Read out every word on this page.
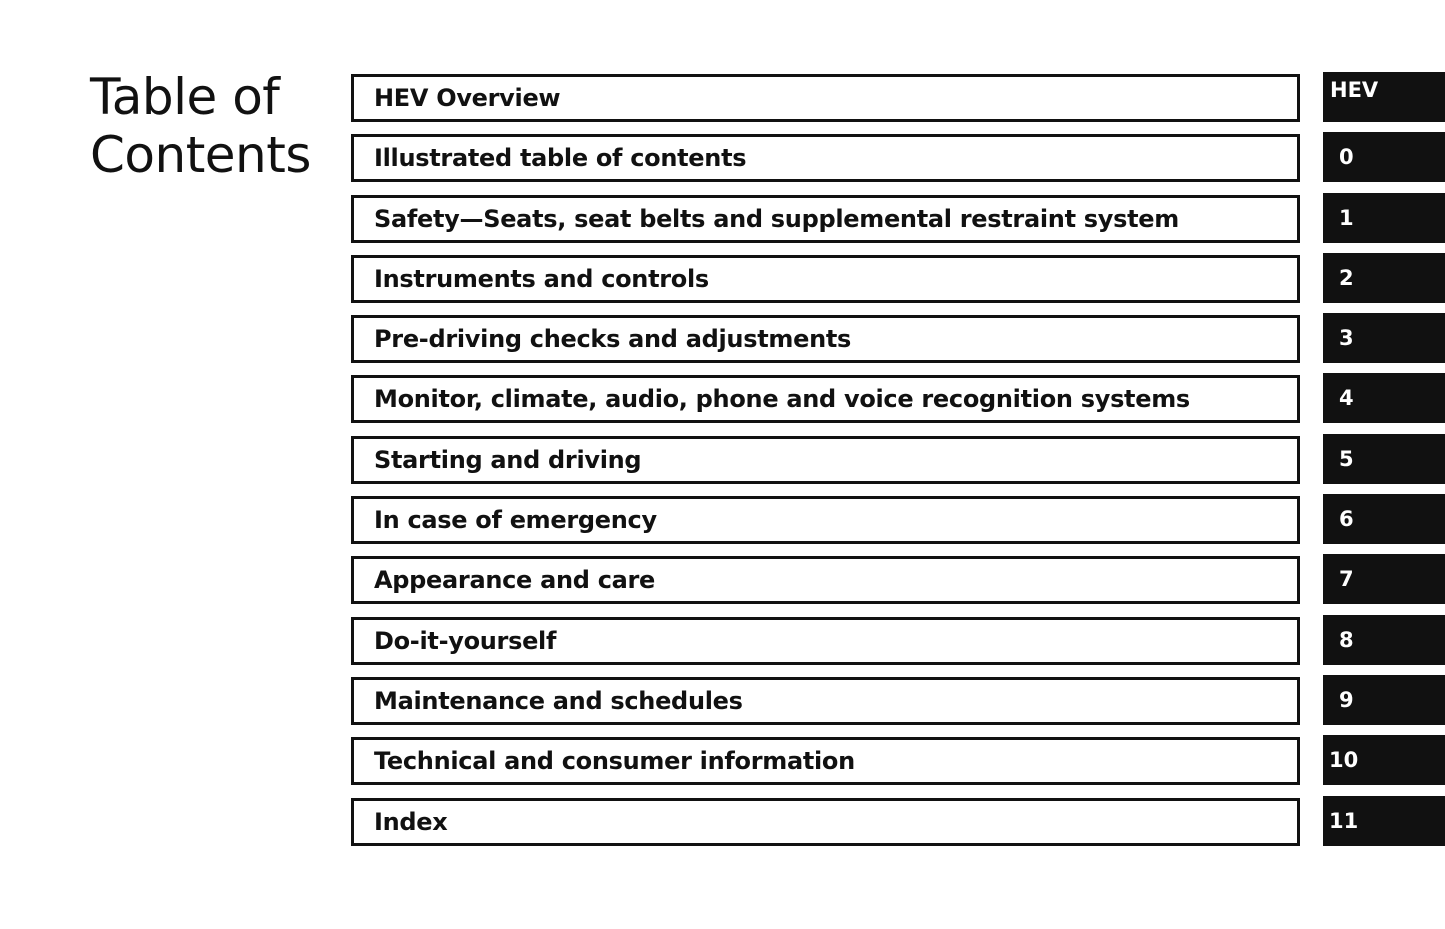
Table of
Contents
HEV Overview	HEV
Illustrated table of contents	0
Safety—Seats, seat belts and supplemental restraint system	1
Instruments and controls	2
Pre-driving checks and adjustments	3
Monitor, climate, audio, phone and voice recognition systems	4
Starting and driving	5
In case of emergency	6
Appearance and care	7
Do-it-yourself	8
Maintenance and schedules	9
Technical and consumer information	10
Index	11
